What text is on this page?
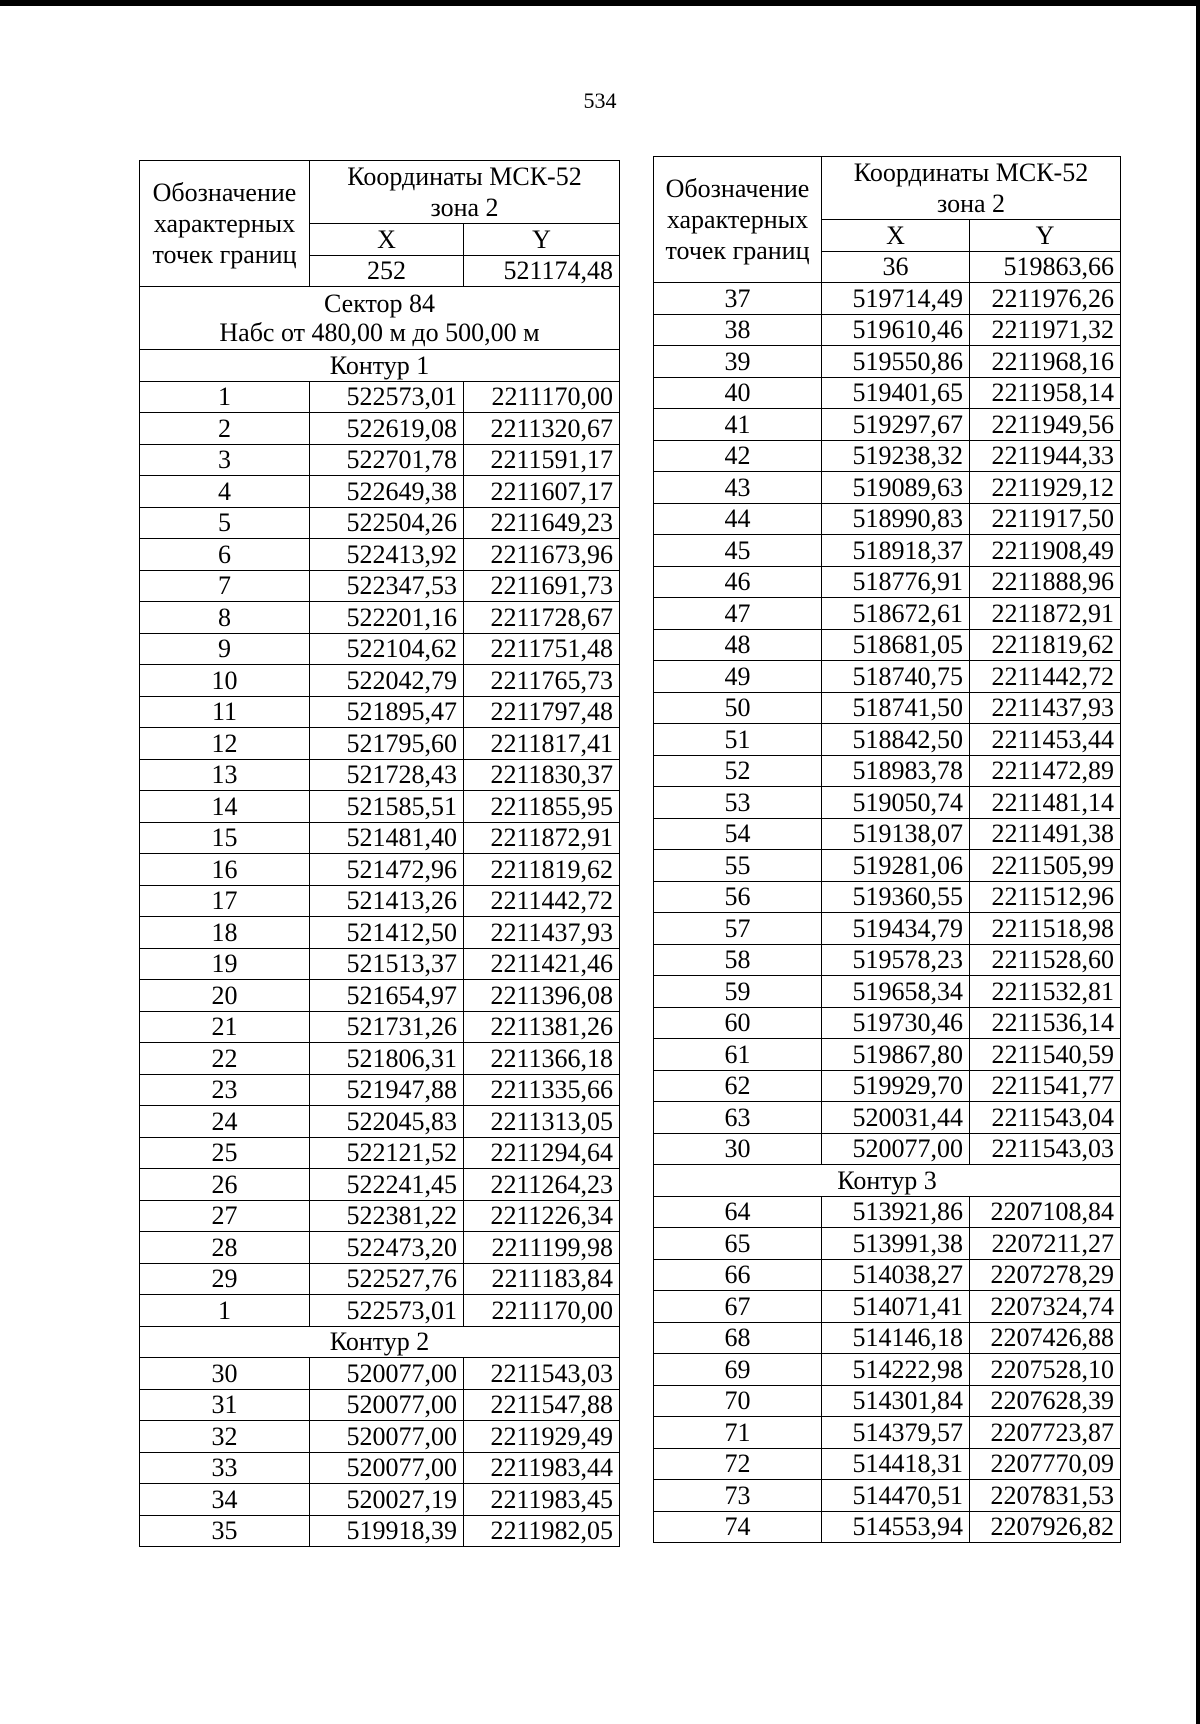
534
Обозначение
характерных
точек границ	Координаты МСК-52
зона 2		
	X	Y	
	252	521174,48	
Сектор 84
Набс от 480,00 м до 500,00 м			
Контур 1			
1	522573,01	2211170,00	
2	522619,08	2211320,67	
3	522701,78	2211591,17	
4	522649,38	2211607,17	
5	522504,26	2211649,23	
6	522413,92	2211673,96	
7	522347,53	2211691,73	
8	522201,16	2211728,67	
9	522104,62	2211751,48	
10	522042,79	2211765,73	
11	521895,47	2211797,48	
12	521795,60	2211817,41	
13	521728,43	2211830,37	
14	521585,51	2211855,95	
15	521481,40	2211872,91	
16	521472,96	2211819,62	
17	521413,26	2211442,72	
18	521412,50	2211437,93	
19	521513,37	2211421,46	
20	521654,97	2211396,08	
21	521731,26	2211381,26	
22	521806,31	2211366,18	
23	521947,88	2211335,66	
24	522045,83	2211313,05	
25	522121,52	2211294,64	
26	522241,45	2211264,23	
27	522381,22	2211226,34	
28	522473,20	2211199,98	
29	522527,76	2211183,84	
1	522573,01	2211170,00	
Контур 2			
30	520077,00	2211543,03	
31	520077,00	2211547,88	
32	520077,00	2211929,49	
33	520077,00	2211983,44	
34	520027,19	2211983,45	
35	519918,39	2211982,05	
Обозначение
характерных
точек границ	Координаты МСК-52
зона 2		
	X	Y	
	36	519863,66	
37	519714,49	2211976,26	
38	519610,46	2211971,32	
39	519550,86	2211968,16	
40	519401,65	2211958,14	
41	519297,67	2211949,56	
42	519238,32	2211944,33	
43	519089,63	2211929,12	
44	518990,83	2211917,50	
45	518918,37	2211908,49	
46	518776,91	2211888,96	
47	518672,61	2211872,91	
48	518681,05	2211819,62	
49	518740,75	2211442,72	
50	518741,50	2211437,93	
51	518842,50	2211453,44	
52	518983,78	2211472,89	
53	519050,74	2211481,14	
54	519138,07	2211491,38	
55	519281,06	2211505,99	
56	519360,55	2211512,96	
57	519434,79	2211518,98	
58	519578,23	2211528,60	
59	519658,34	2211532,81	
60	519730,46	2211536,14	
61	519867,80	2211540,59	
62	519929,70	2211541,77	
63	520031,44	2211543,04	
30	520077,00	2211543,03	
Контур 3			
64	513921,86	2207108,84	
65	513991,38	2207211,27	
66	514038,27	2207278,29	
67	514071,41	2207324,74	
68	514146,18	2207426,88	
69	514222,98	2207528,10	
70	514301,84	2207628,39	
71	514379,57	2207723,87	
72	514418,31	2207770,09	
73	514470,51	2207831,53	
74	514553,94	2207926,82	
